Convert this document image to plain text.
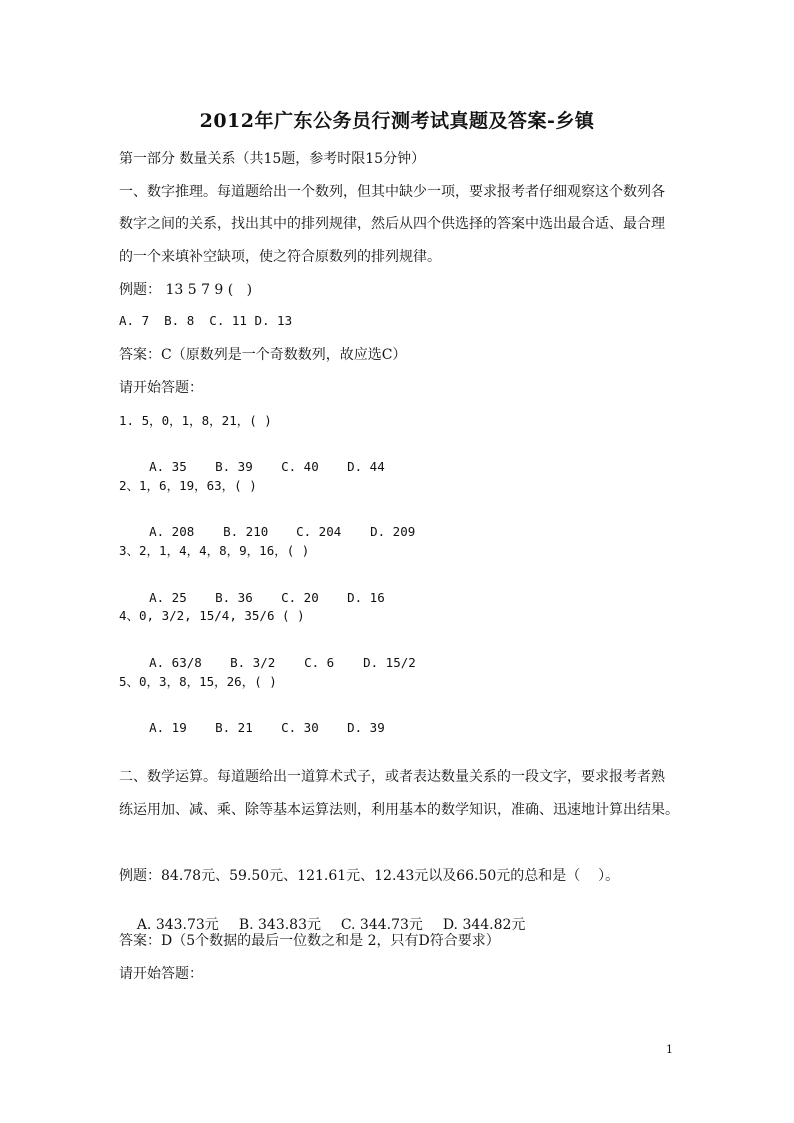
2012年广东公务员行测考试真题及答案-乡镇
第一部分 数量关系（共15题，参考时限15分钟）
一、数字推理。每道题给出一个数列，但其中缺少一项，要求报考者仔细观察这个数列各
数字之间的关系，找出其中的排列规律，然后从四个供选择的答案中选出最合适、最合理
的一个来填补空缺项，使之符合原数列的排列规律。
例题： 13 5 7 9 (   )
A. 7  B. 8  C. 11 D. 13
答案：C（原数列是一个奇数数列，故应选C）
请开始答题：
1. 5，0，1，8，21，( )

A. 35 B. 39 C. 40 D. 44

2、1，6，19，63，( )

A. 208 B. 210 C. 204 D. 209

3、2，1，4，4，8，9，16，( )

A. 25 B. 36 C. 20 D. 16

4、0, 3/2, 15/4, 35/6 ( )

A. 63/8 B. 3/2 C. 6 D. 15/2

5、0，3，8，15，26，( )

A. 19 B. 21 C. 30 D. 39

二、数学运算。每道题给出一道算术式子，或者表达数量关系的一段文字，要求报考者熟
练运用加、减、乘、除等基本运算法则，利用基本的数学知识，准确、迅速地计算出结果。
例题：84.78元、59.50元、121.61元、12.43元以及66.50元的总和是（    ）。

A. 343.73元 B. 343.83元 C. 344.73元 D. 344.82元

答案：D（5个数据的最后一位数之和是 2，只有D符合要求）
请开始答题：
1
